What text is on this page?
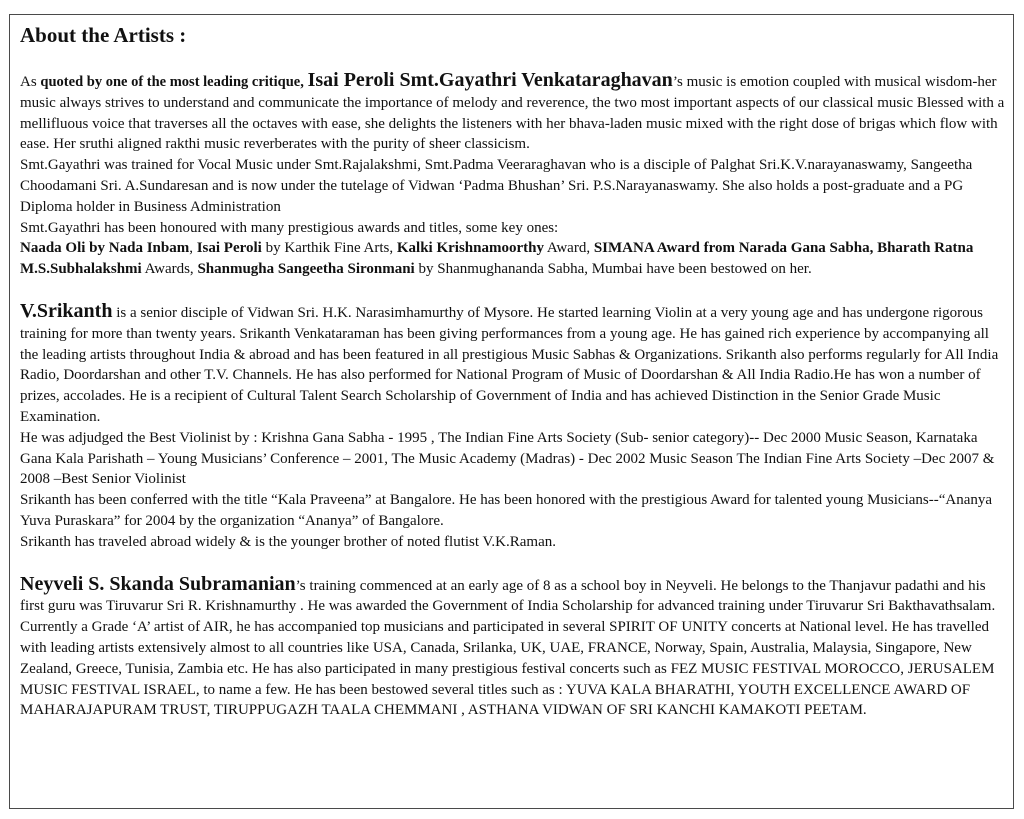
About the Artists :

As quoted by one of the most leading critique, Isai Peroli Smt.Gayathri Venkataraghavan’s music is emotion coupled with musical wisdom-her music always strives to understand and communicate the importance of melody and reverence, the two most important aspects of our classical music Blessed with a mellifluous voice that traverses all the octaves with ease, she delights the listeners with her bhava-laden music mixed with the right dose of brigas which flow with ease. Her sruthi aligned rakthi music reverberates with the purity of sheer classicism.

Smt.Gayathri was trained for Vocal Music under Smt.Rajalakshmi, Smt.Padma Veeraraghavan who is a disciple of Palghat Sri.K.V.narayanaswamy, Sangeetha Choodamani Sri. A.Sundaresan and is now under the tutelage of Vidwan ‘Padma Bhushan’ Sri. P.S.Narayanaswamy. She also holds a post-graduate and a PG Diploma holder in Business Administration

Smt.Gayathri has been honoured with many prestigious awards and titles, some key ones:

Naada Oli by Nada Inbam, Isai Peroli by Karthik Fine Arts, Kalki Krishnamoorthy Award, SIMANA Award from Narada Gana Sabha, Bharath Ratna M.S.Subhalakshmi Awards, Shanmugha Sangeetha Sironmani by Shanmughananda Sabha, Mumbai have been bestowed on her.

V.Srikanth is a senior disciple of Vidwan Sri. H.K. Narasimhamurthy of Mysore. He started learning Violin at a very young age and has undergone rigorous training for more than twenty years. Srikanth Venkataraman has been giving performances from a young age. He has gained rich experience by accompanying all the leading artists throughout India & abroad and has been featured in all prestigious Music Sabhas & Organizations. Srikanth also performs regularly for All India Radio, Doordarshan and other T.V. Channels. He has also performed for National Program of Music of Doordarshan & All India Radio.He has won a number of prizes, accolades. He is a recipient of Cultural Talent Search Scholarship of Government of India and has achieved Distinction in the Senior Grade Music Examination.

He was adjudged the Best Violinist by : Krishna Gana Sabha - 1995 , The Indian Fine Arts Society (Sub- senior category)-- Dec 2000 Music Season, Karnataka Gana Kala Parishath – Young Musicians’ Conference – 2001, The Music Academy (Madras) - Dec 2002 Music Season The Indian Fine Arts Society –Dec 2007 & 2008 –Best Senior Violinist

Srikanth has been conferred with the title “Kala Praveena” at Bangalore. He has been honored with the prestigious Award for talented young Musicians--“Ananya Yuva Puraskara” for 2004 by the organization “Ananya” of Bangalore.

Srikanth has traveled abroad widely & is the younger brother of noted flutist V.K.Raman.

Neyveli S. Skanda Subramanian’s training commenced at an early age of 8 as a school boy in Neyveli. He belongs to the Thanjavur padathi and his first guru was Tiruvarur Sri R. Krishnamurthy . He was awarded the Government of India Scholarship for advanced training under Tiruvarur Sri Bakthavathsalam. Currently a Grade ‘A’ artist of AIR, he has accompanied top musicians and participated in several SPIRIT OF UNITY concerts at National level. He has travelled with leading artists extensively almost to all countries like USA, Canada, Srilanka, UK, UAE, FRANCE, Norway, Spain, Australia, Malaysia, Singapore, New Zealand, Greece, Tunisia, Zambia etc. He has also participated in many prestigious festival concerts such as FEZ MUSIC FESTIVAL MOROCCO, JERUSALEM MUSIC FESTIVAL ISRAEL, to name a few. He has been bestowed several titles such as : YUVA KALA BHARATHI, YOUTH EXCELLENCE AWARD OF MAHARAJAPURAM TRUST, TIRUPPUGAZH TAALA CHEMMANI , ASTHANA VIDWAN OF SRI KANCHI KAMAKOTI PEETAM.
